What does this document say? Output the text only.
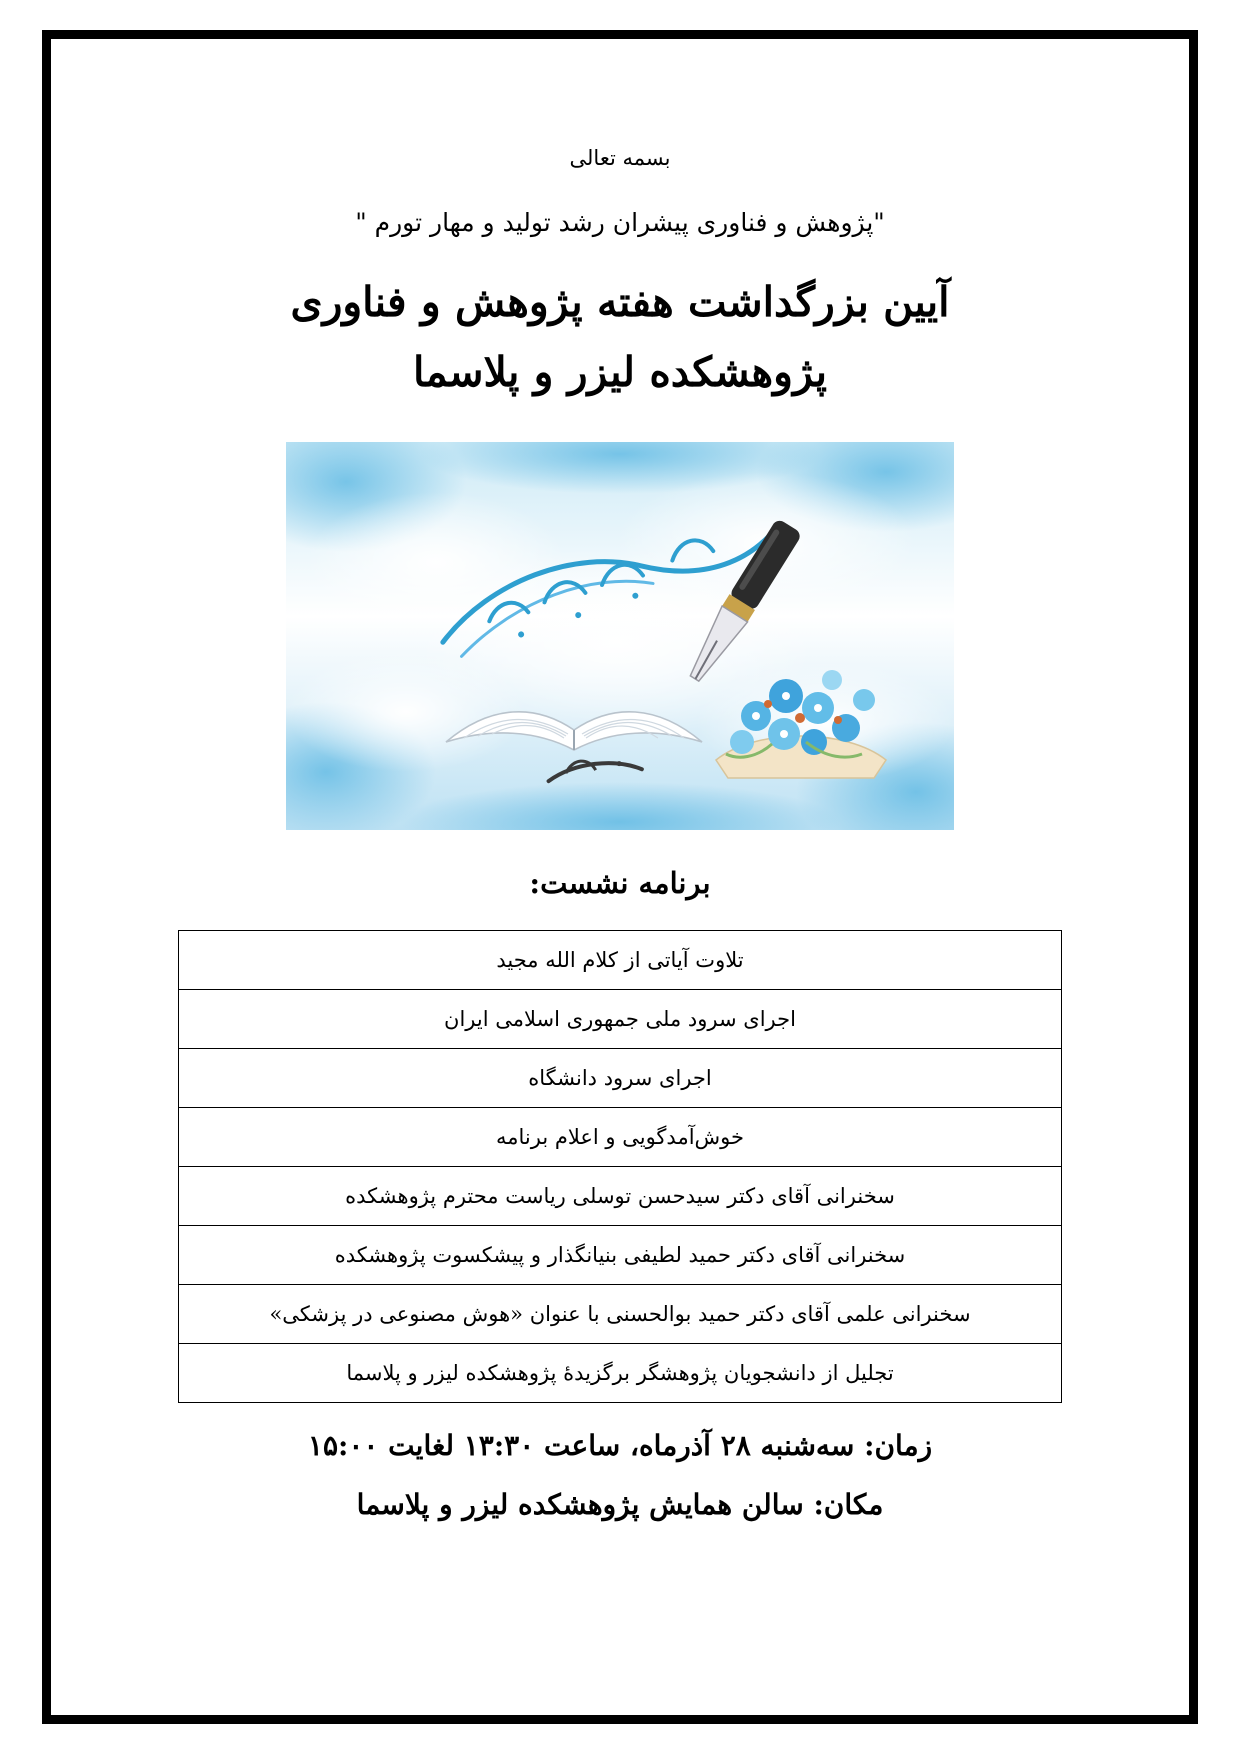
بسمه تعالی
"پژوهش و فناوری پیشران رشد تولید و مهار تورم "
آیین بزرگداشت هفته پژوهش و فناوری
پژوهشکده لیزر و پلاسما
برنامه نشست:
تلاوت آیاتی از کلام الله مجید
اجرای سرود ملی جمهوری اسلامی ایران
اجرای سرود دانشگاه
خوش‌آمدگویی و اعلام برنامه
سخنرانی آقای دکتر سیدحسن توسلی ریاست محترم پژوهشکده
سخنرانی آقای دکتر حمید لطیفی بنیانگذار و پیشکسوت پژوهشکده
سخنرانی علمی آقای دکتر حمید بوالحسنی با عنوان «هوش مصنوعی در پزشکی»
تجلیل از دانشجویان پژوهشگر برگزیدهٔ پژوهشکده لیزر و پلاسما
زمان: سه‌شنبه ۲۸ آذرماه، ساعت ۱۳:۳۰ لغایت ۱۵:۰۰
مکان: سالن همایش پژوهشکده لیزر و پلاسما
